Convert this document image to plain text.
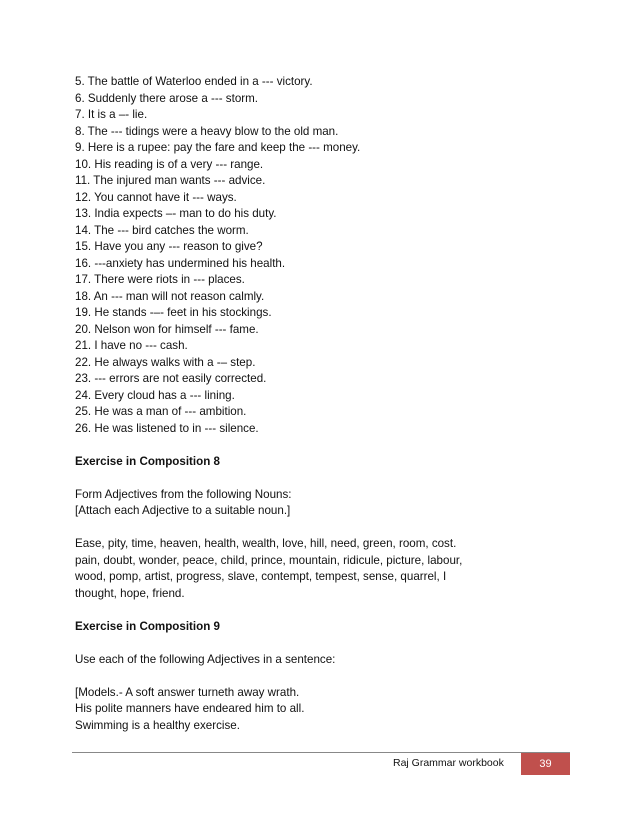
5. The battle of Waterloo ended in a --- victory.
6. Suddenly there arose a --- storm.
7. It is a –- lie.
8. The --- tidings were a heavy blow to the old man.
9. Here is a rupee: pay the fare and keep the --- money.
10. His reading is of a very --- range.
11. The injured man wants --- advice.
12. You cannot have it --- ways.
13. India expects –- man to do his duty.
14. The --- bird catches the worm.
15. Have you any --- reason to give?
16. ---anxiety has undermined his health.
17. There were riots in --- places.
18. An --- man will not reason calmly.
19. He stands -–- feet in his stockings.
20. Nelson won for himself --- fame.
21. I have no --- cash.
22. He always walks with a -– step.
23. --- errors are not easily corrected.
24. Every cloud has a --- lining.
25. He was a man of --- ambition.
26. He was listened to in --- silence.
Exercise in Composition 8
Form Adjectives from the following Nouns:
[Attach each Adjective to a suitable noun.]
Ease, pity, time, heaven, health, wealth, love, hill, need, green, room, cost.
pain, doubt, wonder, peace, child, prince, mountain, ridicule, picture, labour,
wood, pomp, artist, progress, slave, contempt, tempest, sense, quarrel, I
thought, hope, friend.
Exercise in Composition 9
Use each of the following Adjectives in a sentence:
[Models.- A soft answer turneth away wrath.
His polite manners have endeared him to all.
Swimming is a healthy exercise.
Raj Grammar workbook	39
